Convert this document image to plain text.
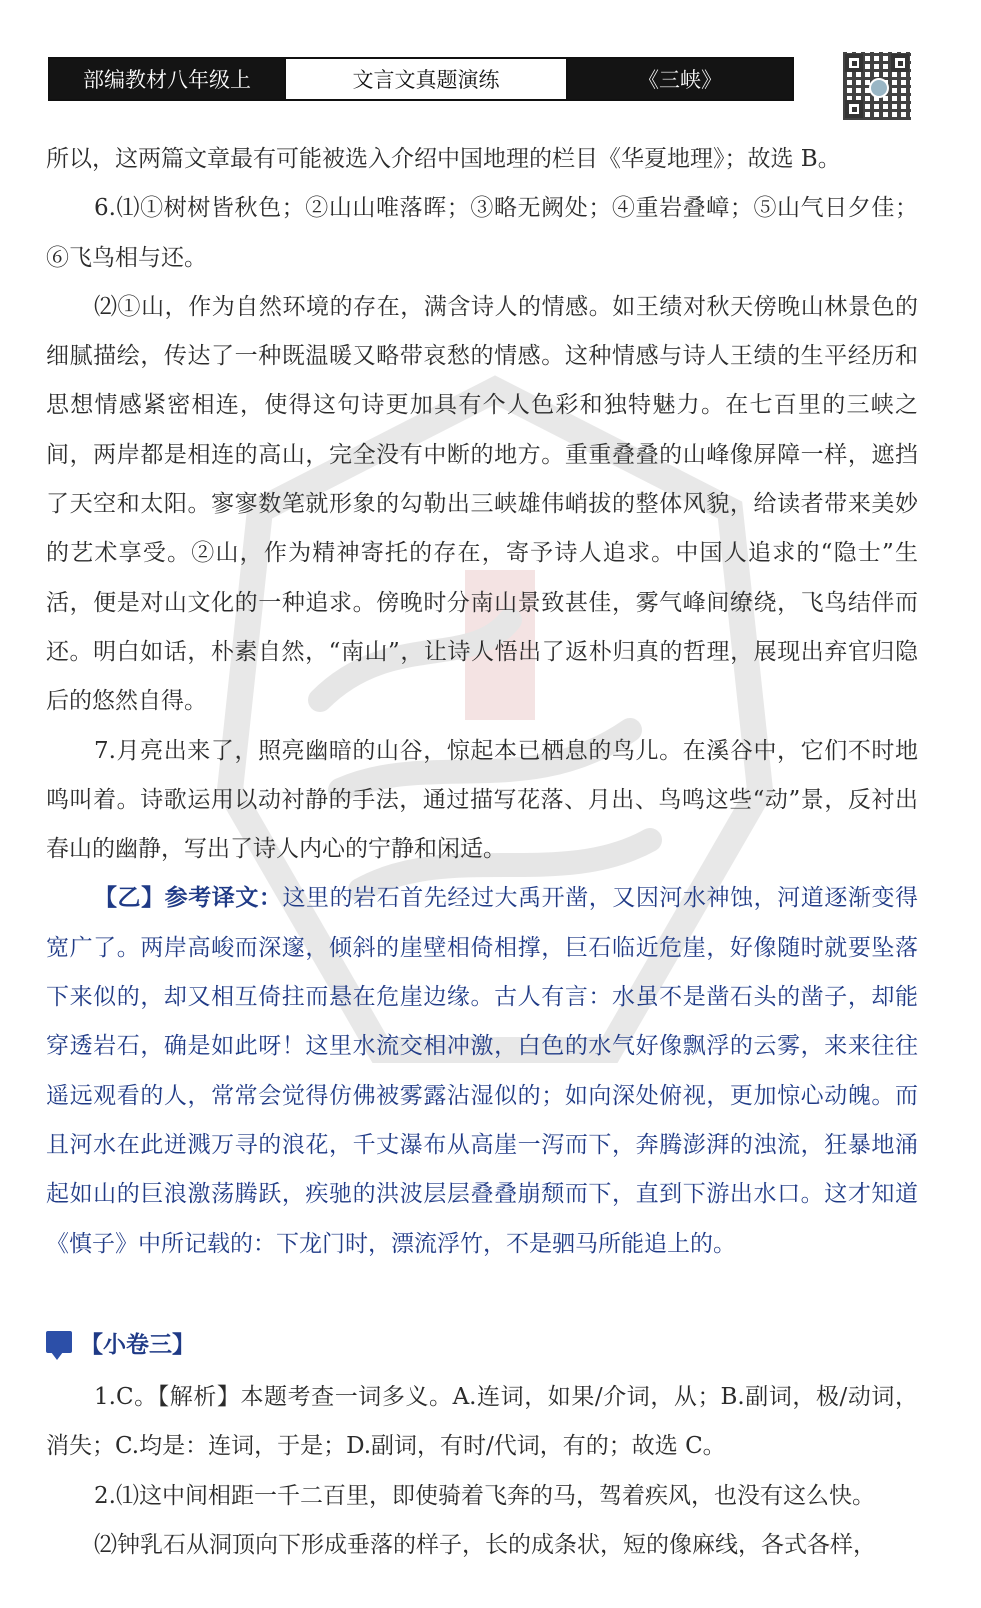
部编教材八年级上	文言文真题演练	《三峡》

所以，这两篇文章最有可能被选入介绍中国地理的栏目《华夏地理》；故选 B。

6.⑴①树树皆秋色；②山山唯落晖；③略无阙处；④重岩叠嶂；⑤山气日夕佳；⑥飞鸟相与还。

⑵①山，作为自然环境的存在，满含诗人的情感。如王绩对秋天傍晚山林景色的细腻描绘，传达了一种既温暖又略带哀愁的情感。这种情感与诗人王绩的生平经历和思想情感紧密相连，使得这句诗更加具有个人色彩和独特魅力。在七百里的三峡之间，两岸都是相连的高山，完全没有中断的地方。重重叠叠的山峰像屏障一样，遮挡了天空和太阳。寥寥数笔就形象的勾勒出三峡雄伟峭拔的整体风貌，给读者带来美妙的艺术享受。②山，作为精神寄托的存在，寄予诗人追求。中国人追求的“隐士”生活，便是对山文化的一种追求。傍晚时分南山景致甚佳，雾气峰间缭绕，飞鸟结伴而还。明白如话，朴素自然，“南山”，让诗人悟出了返朴归真的哲理，展现出弃官归隐后的悠然自得。

7.月亮出来了，照亮幽暗的山谷，惊起本已栖息的鸟儿。在溪谷中，它们不时地鸣叫着。诗歌运用以动衬静的手法，通过描写花落、月出、鸟鸣这些“动”景，反衬出春山的幽静，写出了诗人内心的宁静和闲适。

【乙】参考译文：这里的岩石首先经过大禹开凿，又因河水神蚀，河道逐渐变得宽广了。两岸高峻而深邃，倾斜的崖壁相倚相撑，巨石临近危崖，好像随时就要坠落下来似的，却又相互倚拄而悬在危崖边缘。古人有言：水虽不是凿石头的凿子，却能穿透岩石，确是如此呀！这里水流交相冲激，白色的水气好像飘浮的云雾，来来往往遥远观看的人，常常会觉得仿佛被雾露沾湿似的；如向深处俯视，更加惊心动魄。而且河水在此迸溅万寻的浪花，千丈瀑布从高崖一泻而下，奔腾澎湃的浊流，狂暴地涌起如山的巨浪激荡腾跃，疾驰的洪波层层叠叠崩颓而下，直到下游出水口。这才知道《慎子》中所记载的：下龙门时，漂流浮竹，不是驷马所能追上的。

【小卷三】

1.C。【解析】本题考查一词多义。A.连词，如果/介词，从；B.副词，极/动词，消失；C.均是：连词，于是；D.副词，有时/代词，有的；故选 C。

2.⑴这中间相距一千二百里，即使骑着飞奔的马，驾着疾风，也没有这么快。

⑵钟乳石从洞顶向下形成垂落的样子，长的成条状，短的像麻线，各式各样，
